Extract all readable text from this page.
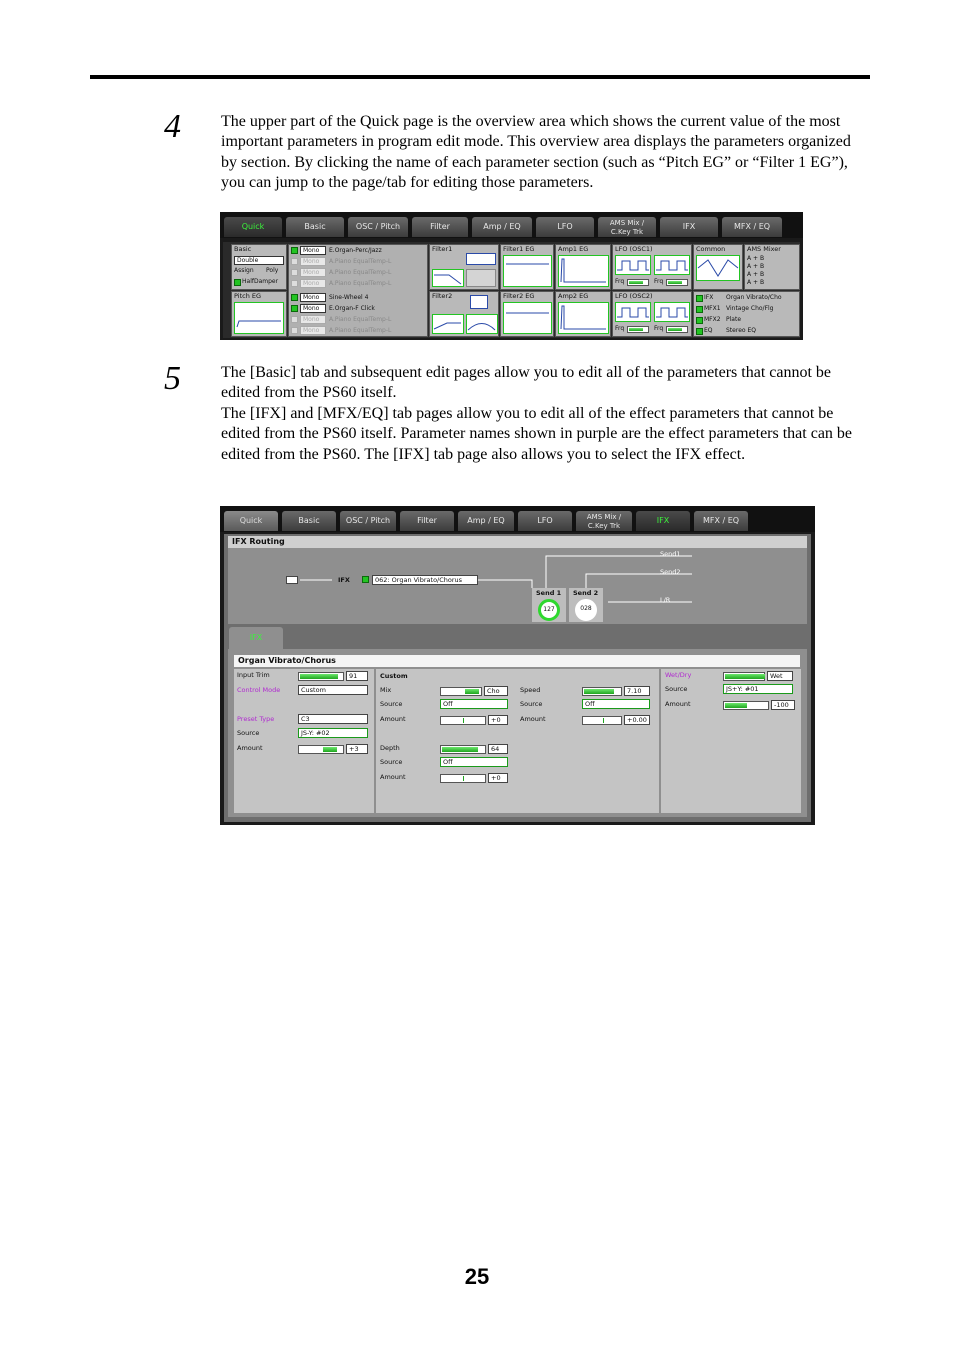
4	The upper part of the Quick page is the overview area which shows the current value of the most important parameters in program edit mode. This overview area displays the parameters organized by section. By clicking the name of each parameter section (such as “Pitch EG” or “Filter 1 EG”), you can jump to the page/tab for editing those parameters.

Quick	Basic	OSC / Pitch	Filter	Amp / EQ	LFO	AMS Mix /
C.Key Trk
IFX	MFX / EQ
Basic
Double
Assign Poly
HalfDamper
Pitch EG
Mono	E.Organ-Perc/Jazz
Mono	A.Piano EqualTemp-L
Mono	A.Piano EqualTemp-L
Mono	A.Piano EqualTemp-L
Mono	Sine-Wheel 4
Mono	E.Organ-F Click
Mono	A.Piano EqualTemp-L
Mono	A.Piano EqualTemp-L
Filter1
Filter2
Filter1 EG
Filter2 EG
Amp1 EG
Amp2 EG
LFO (OSC1)
Frq	Frq
LFO (OSC2)
Frq	Frq
Common	AMS Mixer
A + B
A + B
A + B
A + B
IFX Organ Vibrato/Cho
MFX1 Vintage Cho/Flg
MFX2 Plate
EQ Stereo EQ
5	The [Basic] tab and subsequent edit pages allow you to edit all of the parameters that cannot be edited from the PS60 itself.

The [IFX] and [MFX/EQ] tab pages allow you to edit all of the effect parameters that cannot be edited from the PS60 itself. Parameter names shown in purple are the effect parameters that can be edited from the PS60. The [IFX] tab page also allows you to select the IFX effect.

Quick	Basic	OSC / Pitch	Filter	Amp / EQ	LFO	AMS Mix /
C.Key Trk
IFX	MFX / EQ
IFX Routing
IFX	062: Organ Vibrato/Chorus
Send1
Send2
L/R
Send 1
127
Send 2
028
IFX
Organ Vibrato/Chorus
Input Trim	91
Control Mode	Custom
Preset Type	C3
Source	JS-Y: #02
Amount	+3
Custom
Mix	Cho
Source	Off
Amount	+0
Speed	7.10
Source	Off
Amount	+0.00
Depth	64
Source	Off
Amount	+0
Wet/Dry	Wet
Source	JS+Y: #01
Amount	-100
25
